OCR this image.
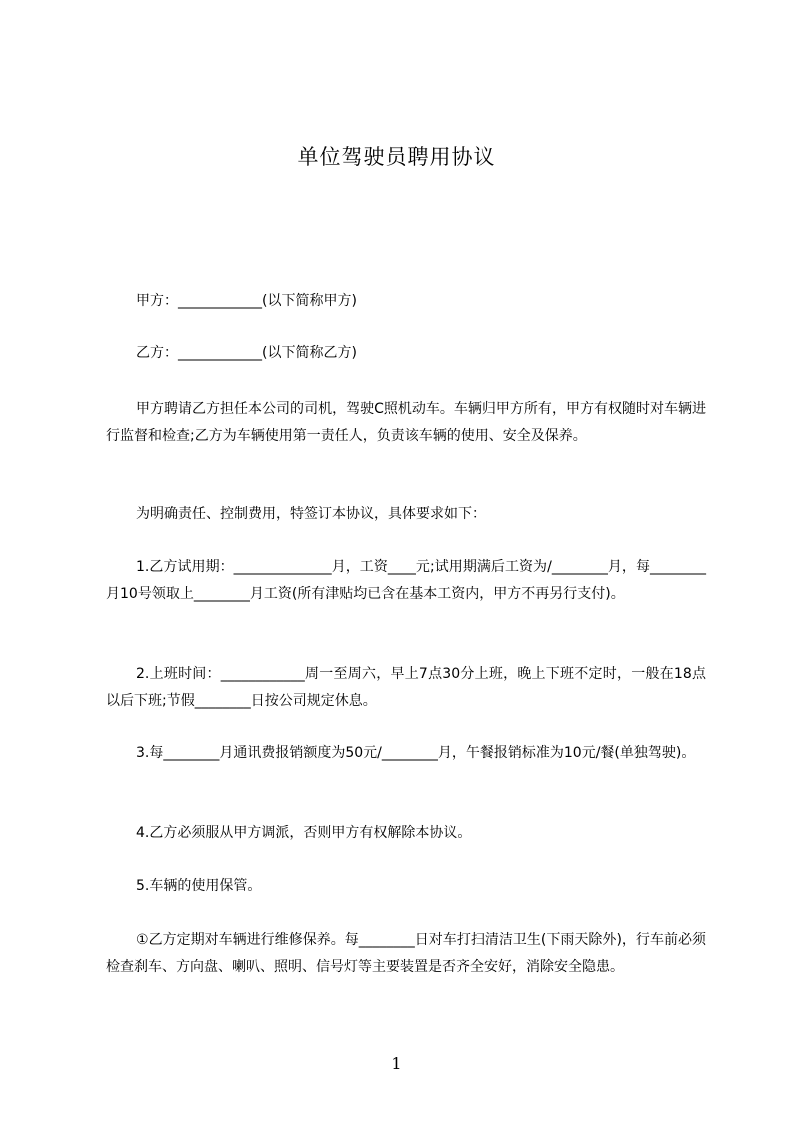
单位驾驶员聘用协议
甲方：____________(以下简称甲方)
乙方：____________(以下简称乙方)
甲方聘请乙方担任本公司的司机，驾驶C照机动车。车辆归甲方所有，甲方有权随时对车辆进行监督和检查;乙方为车辆使用第一责任人，负责该车辆的使用、安全及保养。
为明确责任、控制费用，特签订本协议，具体要求如下：
1.乙方试用期：______________月，工资____元;试用期满后工资为/________月，每________月10号领取上________月工资(所有津贴均已含在基本工资内，甲方不再另行支付)。
2.上班时间：____________周一至周六，早上7点30分上班，晚上下班不定时，一般在18点以后下班;节假________日按公司规定休息。
3.每________月通讯费报销额度为50元/________月，午餐报销标准为10元/餐(单独驾驶)。
4.乙方必须服从甲方调派，否则甲方有权解除本协议。
5.车辆的使用保管。
①乙方定期对车辆进行维修保养。每________日对车打扫清洁卫生(下雨天除外)，行车前必须检查刹车、方向盘、喇叭、照明、信号灯等主要装置是否齐全安好，消除安全隐患。
1
